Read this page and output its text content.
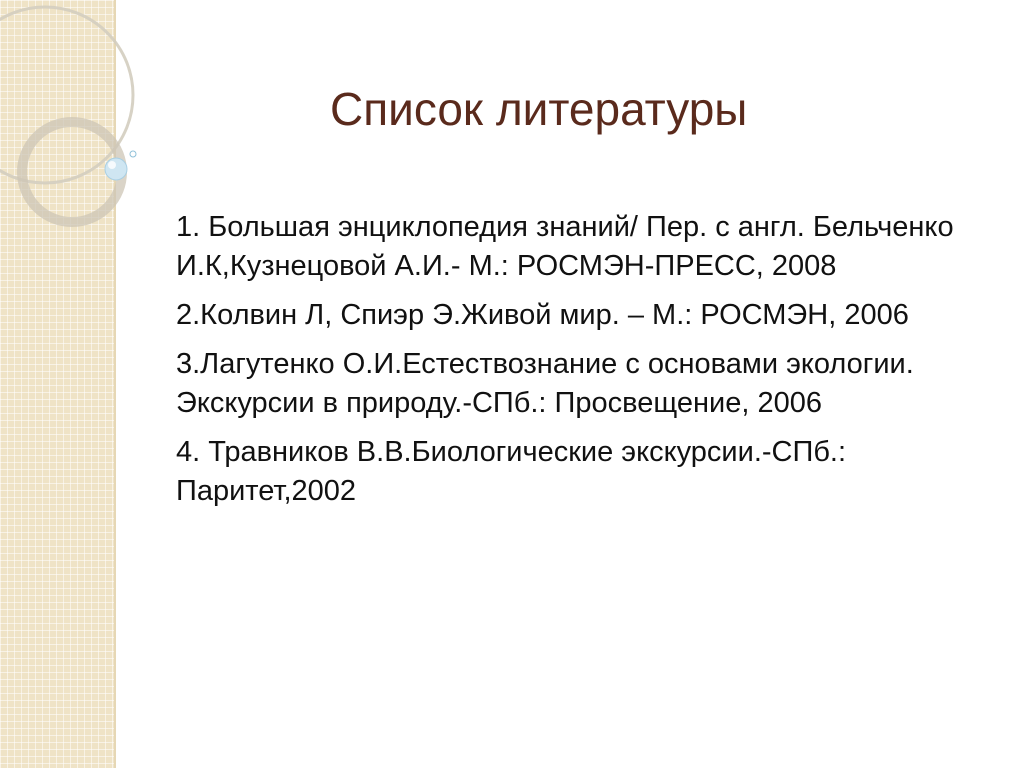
Список литературы
1. Большая энциклопедия знаний/ Пер. с англ. Бельченко И.К,Кузнецовой А.И.- М.: РОСМЭН-ПРЕСС, 2008
2.Колвин Л, Спиэр Э.Живой мир. – М.: РОСМЭН, 2006
3.Лагутенко О.И.Естествознание с основами экологии. Экскурсии в природу.-СПб.: Просвещение, 2006
4. Травников В.В.Биологические экскурсии.-СПб.: Паритет,2002
